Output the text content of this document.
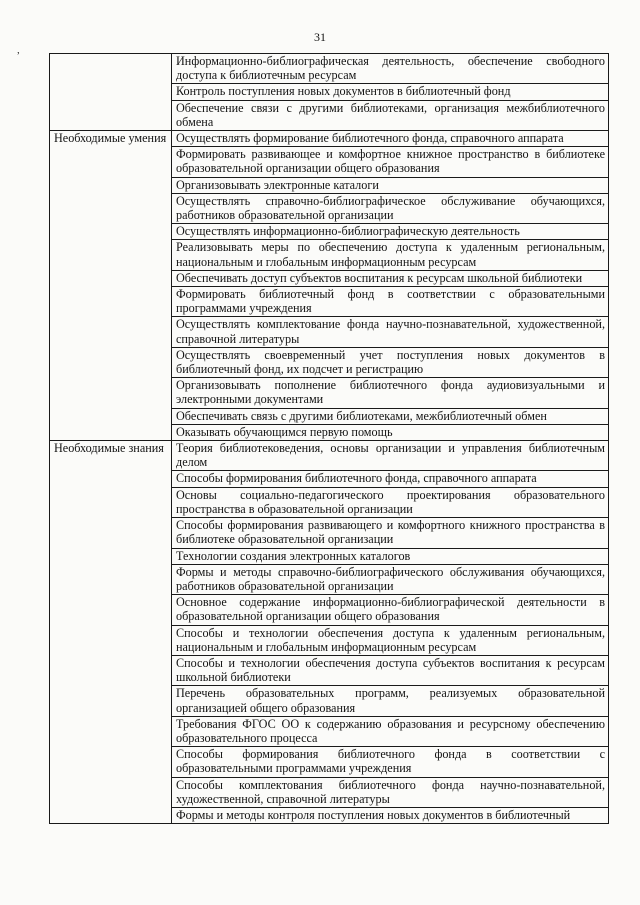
31
,
	Информационно-библиографическая деятельность, обеспечение свободного доступа к библиотечным ресурсам
	Контроль поступления новых документов в библиотечный фонд
	Обеспечение связи с другими библиотеками, организация межбиблиотечного обмена
Необходимые умения	Осуществлять формирование библиотечного фонда, справочного аппарата
	Формировать развивающее и комфортное книжное пространство в библиотеке образовательной организации общего образования
	Организовывать электронные каталоги
	Осуществлять справочно-библиографическое обслуживание обучающихся, работников образовательной организации
	Осуществлять информационно-библиографическую деятельность
	Реализовывать меры по обеспечению доступа к удаленным региональным, национальным и глобальным информационным ресурсам
	Обеспечивать доступ субъектов воспитания к ресурсам школьной библиотеки
	Формировать библиотечный фонд в соответствии с образовательными программами учреждения
	Осуществлять комплектование фонда научно-познавательной, художественной, справочной литературы
	Осуществлять своевременный учет поступления новых документов в библиотечный фонд, их подсчет и регистрацию
	Организовывать пополнение библиотечного фонда аудиовизуальными и электронными документами
	Обеспечивать связь с другими библиотеками, межбиблиотечный обмен
	Оказывать обучающимся первую помощь
Необходимые знания	Теория библиотековедения, основы организации и управления библиотечным делом
	Способы формирования библиотечного фонда, справочного аппарата
	Основы социально-педагогического проектирования образовательного пространства в образовательной организации
	Способы формирования развивающего и комфортного книжного пространства в библиотеке образовательной организации
	Технологии создания электронных каталогов
	Формы и методы справочно-библиографического обслуживания обучающихся, работников образовательной организации
	Основное содержание информационно-библиографической деятельности в образовательной организации общего образования
	Способы и технологии обеспечения доступа к удаленным региональным, национальным и глобальным информационным ресурсам
	Способы и технологии обеспечения доступа субъектов воспитания к ресурсам школьной библиотеки
	Перечень образовательных программ, реализуемых образовательной организацией общего образования
	Требования ФГОС ОО к содержанию образования и ресурсному обеспечению образовательного процесса
	Способы формирования библиотечного фонда в соответствии с образовательными программами учреждения
	Способы комплектования библиотечного фонда научно-познавательной, художественной, справочной литературы
	Формы и методы контроля поступления новых документов в библиотечный
